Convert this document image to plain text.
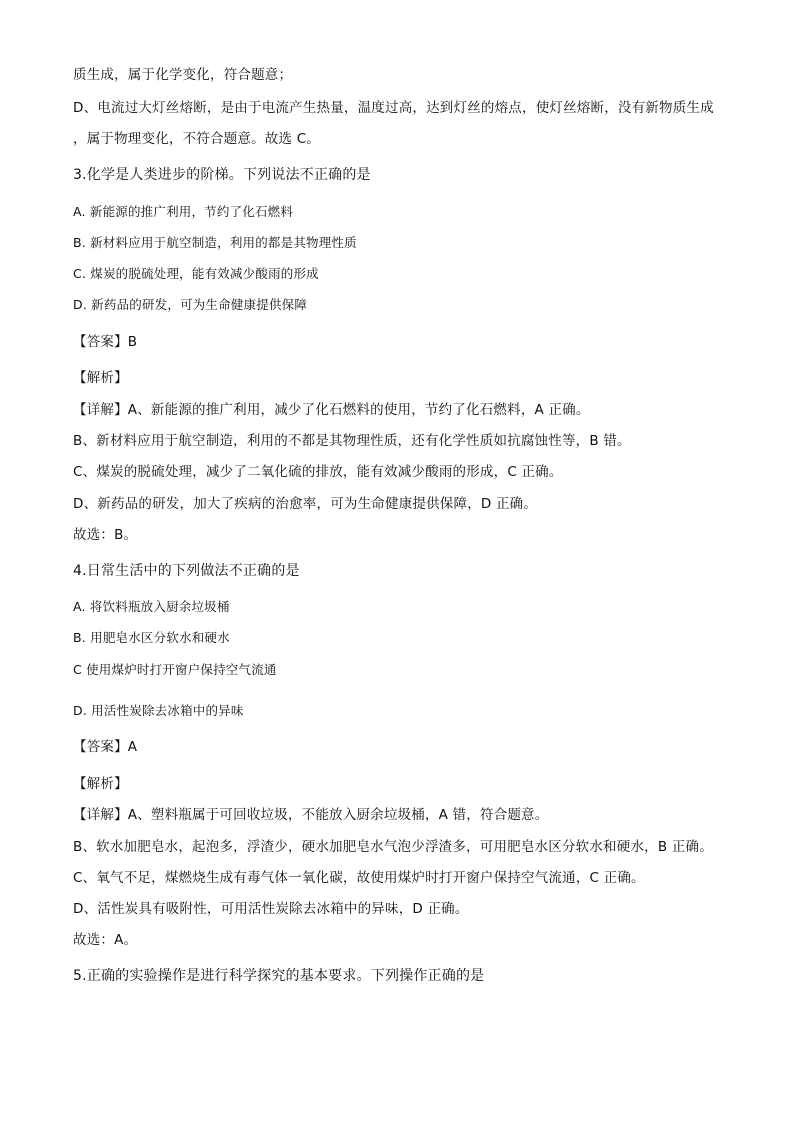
质生成，属于化学变化，符合题意；
D、电流过大灯丝熔断，是由于电流产生热量，温度过高，达到灯丝的熔点，使灯丝熔断，没有新物质生成
，属于物理变化，不符合题意。故选 C。
3.化学是人类进步的阶梯。下列说法不正确的是
A. 新能源的推广利用，节约了化石燃料
B. 新材料应用于航空制造，利用的都是其物理性质
C. 煤炭的脱硫处理，能有效减少酸雨的形成
D. 新药品的研发，可为生命健康提供保障
【答案】B
【解析】
【详解】A、新能源的推广利用，减少了化石燃料的使用，节约了化石燃料，A 正确。
B、新材料应用于航空制造，利用的不都是其物理性质，还有化学性质如抗腐蚀性等，B 错。
C、煤炭的脱硫处理，减少了二氧化硫的排放，能有效减少酸雨的形成，C 正确。
D、新药品的研发，加大了疾病的治愈率，可为生命健康提供保障，D 正确。
故选：B。
4.日常生活中的下列做法不正确的是
A. 将饮料瓶放入厨余垃圾桶
B. 用肥皂水区分软水和硬水
C 使用煤炉时打开窗户保持空气流通
D. 用活性炭除去冰箱中的异味
【答案】A
【解析】
【详解】A、塑料瓶属于可回收垃圾，不能放入厨余垃圾桶，A 错，符合题意。
B、软水加肥皂水，起泡多，浮渣少，硬水加肥皂水气泡少浮渣多，可用肥皂水区分软水和硬水，B 正确。
C、氧气不足，煤燃烧生成有毒气体一氧化碳，故使用煤炉时打开窗户保持空气流通，C 正确。
D、活性炭具有吸附性，可用活性炭除去冰箱中的异味，D 正确。
故选：A。
5.正确的实验操作是进行科学探究的基本要求。下列操作正确的是
